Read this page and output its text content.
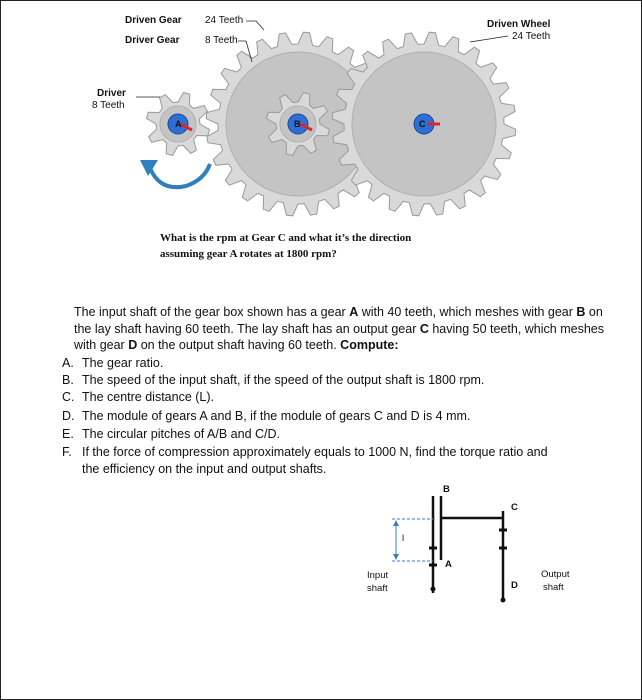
A	B	C
Driven Gear 24 Teeth
Driver Gear	8 Teeth
Driver
8 Teeth
Driven Wheel
24 Teeth
What is the rpm at Gear C and what it’s the direction
assuming gear A rotates at 1800 rpm?
The input shaft of the gear box shown has a gear A with 40 teeth, which meshes with gear B on the lay shaft having 60 teeth. The lay shaft has an output gear C having 50 teeth, which meshes with gear D on the output shaft having 60 teeth. Compute:
A. The gear ratio.
B. The speed of the input shaft, if the speed of the output shaft is 1800 rpm.
C. The centre distance (L).
D. The module of gears A and B, if the module of gears C and D is 4 mm.
E. The circular pitches of A/B and C/D.
F. If the force of compression approximately equals to 1000 N, find the torque ratio and
the efficiency on the input and output shafts.
B
C
A
D
l
Input
shaft
Output
shaft
